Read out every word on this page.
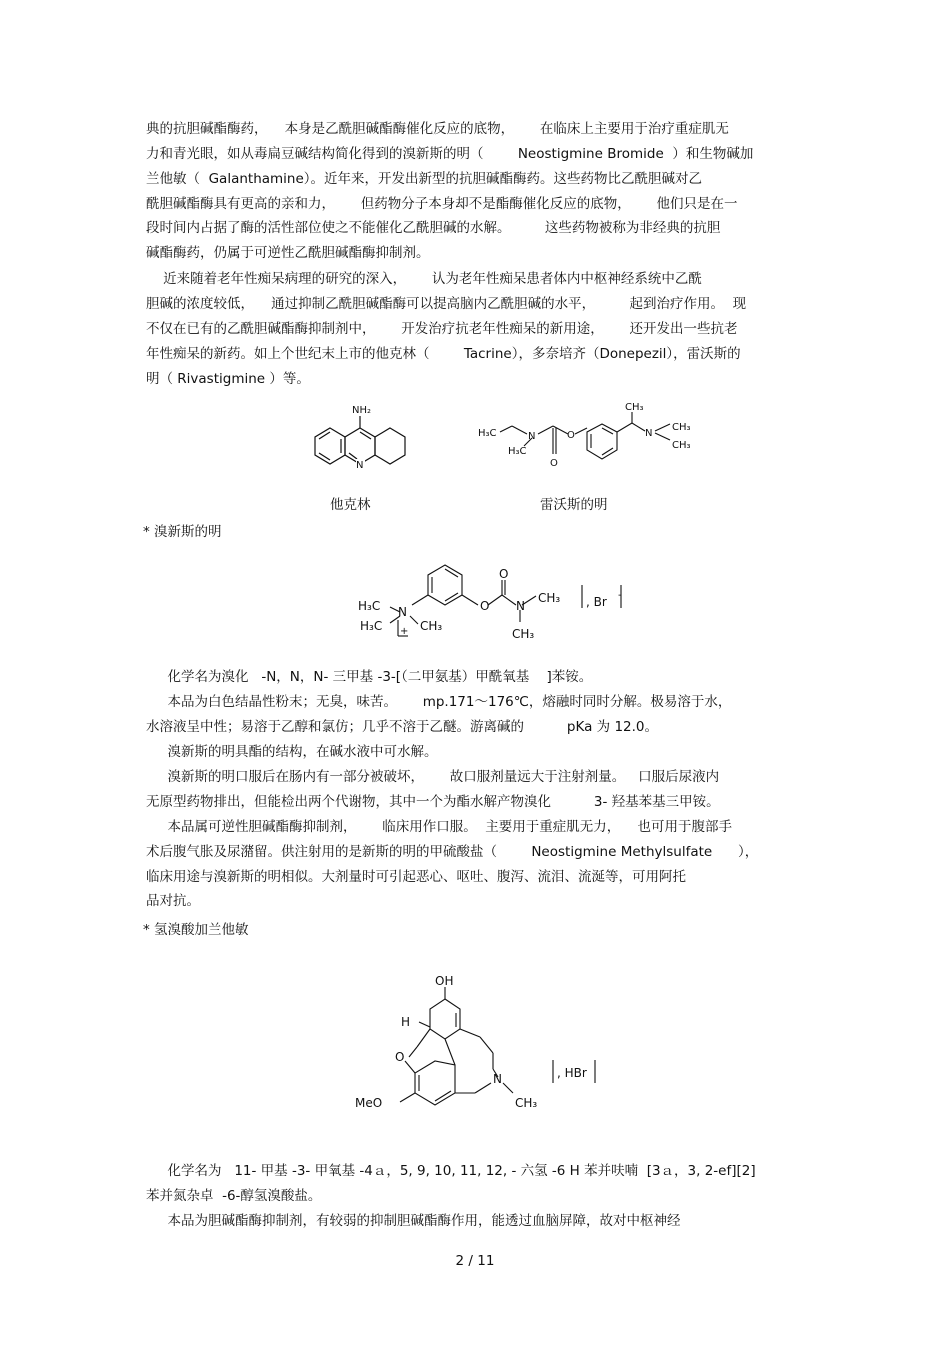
典的抗胆碱酯酶药，    本身是乙酰胆碱酯酶催化反应的底物，      在临床上主要用于治疗重症肌无
力和青光眼，如从毒扁豆碱结构简化得到的溴新斯的明（        Neostigmine Bromide  ）和生物碱加
兰他敏（  Galanthamine）。近年来，开发出新型的抗胆碱酯酶药。这些药物比乙酰胆碱对乙
酰胆碱酯酶具有更高的亲和力，      但药物分子本身却不是酯酶催化反应的底物，      他们只是在一
段时间内占据了酶的活性部位使之不能催化乙酰胆碱的水解。        这些药物被称为非经典的抗胆
碱酯酶药，仍属于可逆性乙酰胆碱酯酶抑制剂。
近来随着老年性痴呆病理的研究的深入，      认为老年性痴呆患者体内中枢神经系统中乙酰
胆碱的浓度较低，    通过抑制乙酰胆碱酯酶可以提高脑内乙酰胆碱的水平，        起到治疗作用。  现
不仅在已有的乙酰胆碱酯酶抑制剂中，      开发治疗抗老年性痴呆的新用途，      还开发出一些抗老
年性痴呆的新药。如上个世纪末上市的他克林（        Tacrine），多奈培齐（Donepezil），雷沃斯的
明（ Rivastigmine ）等。
NH₂
N
他克林
H₃C	N
H₃C
O
O
CH₃
N
CH₃
CH₃
雷沃斯的明
* 溴新斯的明
H₃C N
H₃C + CH₃
O
O
N
CH₃
CH₃
, Br -
化学名为溴化   -N，N，N- 三甲基 -3-[（二甲氨基）甲酰氧基    ]苯铵。
本品为白色结晶性粉末；无臭，味苦。      mp.171～176℃，熔融时同时分解。极易溶于水，
水溶液呈中性；易溶于乙醇和氯仿；几乎不溶于乙醚。游离碱的          pKa 为 12.0。
溴新斯的明具酯的结构，在碱水液中可水解。
溴新斯的明口服后在肠内有一部分被破坏，      故口服剂量远大于注射剂量。   口服后尿液内
无原型药物排出，但能检出两个代谢物，其中一个为酯水解产物溴化          3- 羟基苯基三甲铵。
本品属可逆性胆碱酯酶抑制剂，      临床用作口服。  主要用于重症肌无力，    也可用于腹部手
术后腹气胀及尿潴留。供注射用的是新斯的明的甲硫酸盐（        Neostigmine Methylsulfate      ），
临床用途与溴新斯的明相似。大剂量时可引起恶心、呕吐、腹泻、流泪、流涎等，可用阿托
品对抗。
* 氢溴酸加兰他敏
OH
H
O
N
MeO	CH₃
, HBr
化学名为   11- 甲基 -3- 甲氧基 -4ａ，5, 9, 10, 11, 12, - 六氢 -6 H 苯并呋喃  [3ａ，3, 2-ef][2]
苯并氮杂卓  -6-醇氢溴酸盐。
本品为胆碱酯酶抑制剂，有较弱的抑制胆碱酯酶作用，能透过血脑屏障，故对中枢神经
2 / 11
